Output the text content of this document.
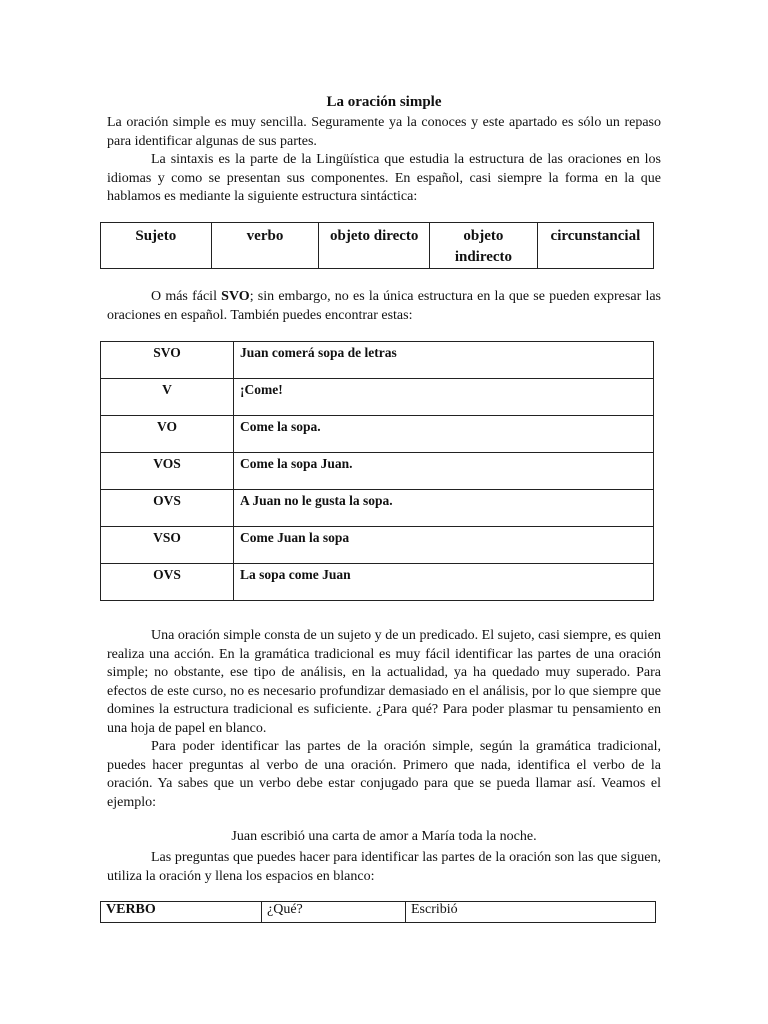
La oración simple
La oración simple es muy sencilla. Seguramente ya la conoces y este apartado es sólo un repaso para identificar algunas de sus partes.
La sintaxis es la parte de la Lingüística que estudia la estructura de las oraciones en los idiomas y como se presentan sus componentes. En español, casi siempre la forma en la que hablamos es mediante la siguiente estructura sintáctica:
Sujeto	verbo	objeto directo	objeto indirecto	circunstancial
O más fácil SVO; sin embargo, no es la única estructura en la que se pueden expresar las oraciones en español. También puedes encontrar estas:
SVO	Juan comerá sopa de letras
V	¡Come!
VO	Come la sopa.
VOS	Come la sopa Juan.
OVS	A Juan no le gusta la sopa.
VSO	Come Juan la sopa
OVS	La sopa come Juan
Una oración simple consta de un sujeto y de un predicado. El sujeto, casi siempre, es quien realiza una acción. En la gramática tradicional es muy fácil identificar las partes de una oración simple; no obstante, ese tipo de análisis, en la actualidad, ya ha quedado muy superado. Para efectos de este curso, no es necesario profundizar demasiado en el análisis, por lo que siempre que domines la estructura tradicional es suficiente. ¿Para qué? Para poder plasmar tu pensamiento en una hoja de papel en blanco.
Para poder identificar las partes de la oración simple, según la gramática tradicional, puedes hacer preguntas al verbo de una oración. Primero que nada, identifica el verbo de la oración. Ya sabes que un verbo debe estar conjugado para que se pueda llamar así. Veamos el ejemplo:
Juan escribió una carta de amor a María toda la noche.
Las preguntas que puedes hacer para identificar las partes de la oración son las que siguen, utiliza la oración y llena los espacios en blanco:
VERBO	¿Qué?	Escribió
